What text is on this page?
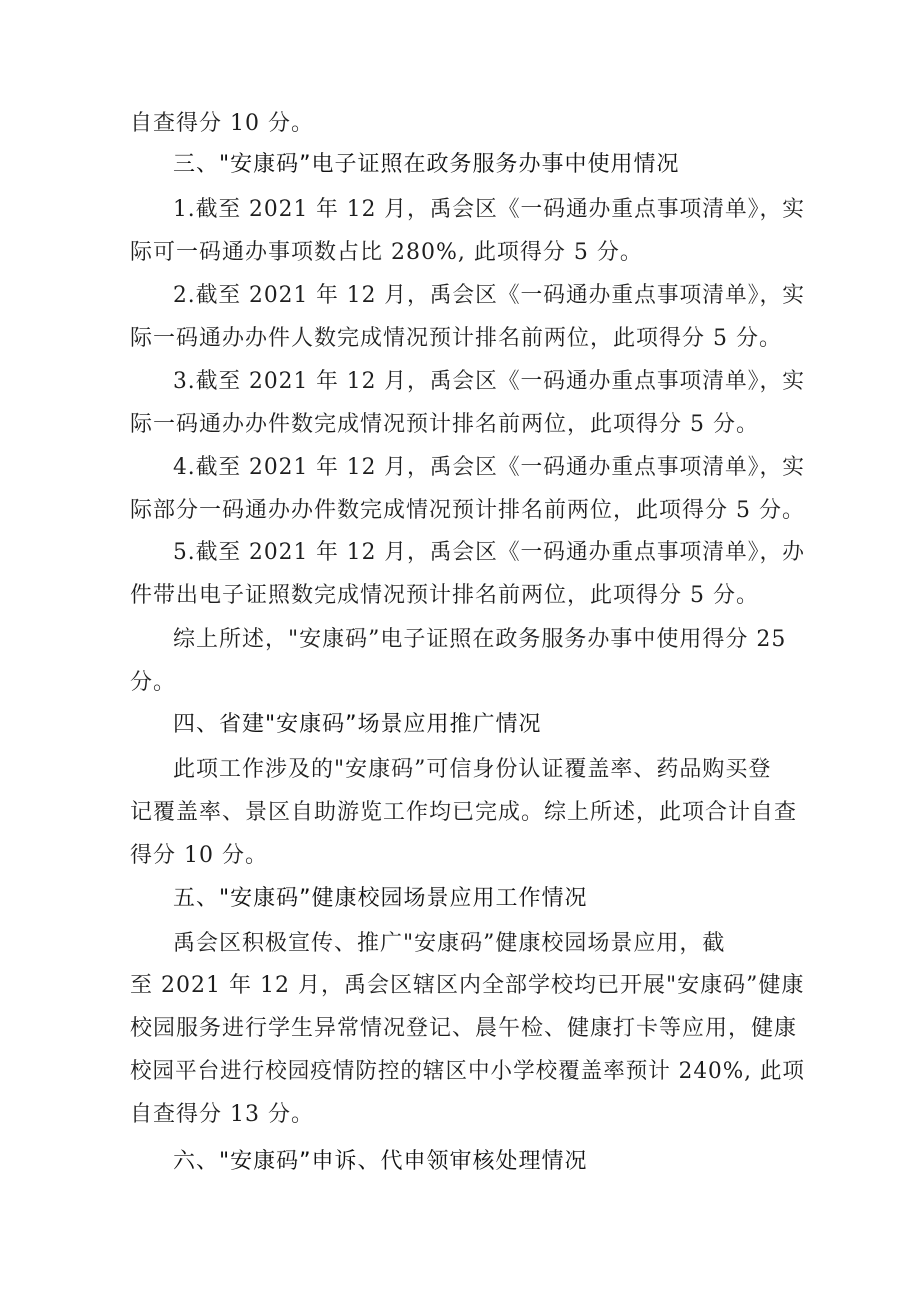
自查得分 10 分。

三、"安康码”电子证照在政务服务办事中使用情况

1.截至 2021 年 12 月，禹会区《一码通办重点事项清单》，实

际可一码通办事项数占比 280%, 此项得分 5 分。

2.截至 2021 年 12 月，禹会区《一码通办重点事项清单》，实

际一码通办办件人数完成情况预计排名前两位，此项得分 5 分。

3.截至 2021 年 12 月，禹会区《一码通办重点事项清单》，实

际一码通办办件数完成情况预计排名前两位，此项得分 5 分。

4.截至 2021 年 12 月，禹会区《一码通办重点事项清单》，实

际部分一码通办办件数完成情况预计排名前两位，此项得分 5 分。

5.截至 2021 年 12 月，禹会区《一码通办重点事项清单》，办

件带出电子证照数完成情况预计排名前两位，此项得分 5 分。

综上所述，"安康码”电子证照在政务服务办事中使用得分 25

分。

四、省建"安康码”场景应用推广情况

此项工作涉及的"安康码”可信身份认证覆盖率、药品购买登

记覆盖率、景区自助游览工作均已完成。综上所述，此项合计自查

得分 10 分。

五、"安康码”健康校园场景应用工作情况

禹会区积极宣传、推广"安康码”健康校园场景应用，截

至 2021 年 12 月，禹会区辖区内全部学校均已开展"安康码”健康

校园服务进行学生异常情况登记、晨午检、健康打卡等应用，健康

校园平台进行校园疫情防控的辖区中小学校覆盖率预计 240%, 此项

自查得分 13 分。

六、"安康码”申诉、代申领审核处理情况
